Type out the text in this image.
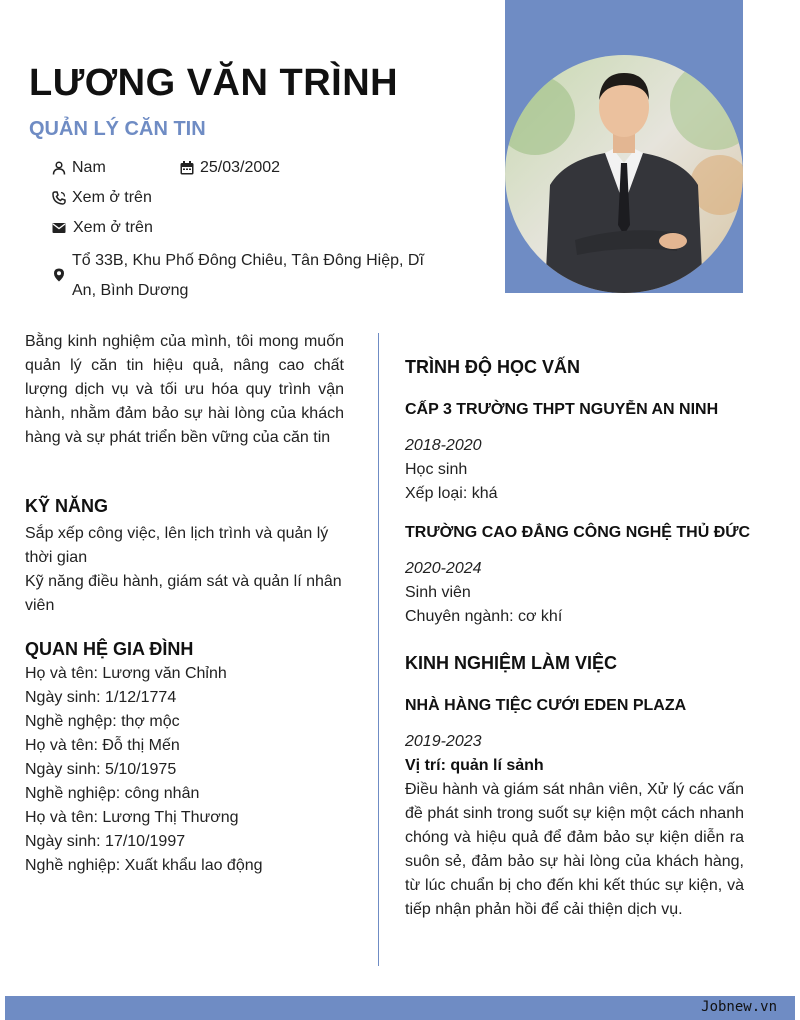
LƯƠNG VĂN TRÌNH
QUẢN LÝ CĂN TIN
Nam	25/03/2002
Xem ở trên
Xem ở trên
Tổ 33B, Khu Phố Đông Chiêu, Tân Đông Hiệp, Dĩ An, Bình Dương

Bằng kinh nghiệm của mình, tôi mong muốn quản lý căn tin hiệu quả, nâng cao chất lượng dịch vụ và tối ưu hóa quy trình vận hành, nhằm đảm bảo sự hài lòng của khách hàng và sự phát triển bền vững của căn tin

KỸ NĂNG
Sắp xếp công việc, lên lịch trình và quản lý thời gian
Kỹ năng điều hành, giám sát và quản lí nhân viên
QUAN HỆ GIA ĐÌNH
Họ và tên: Lương văn Chỉnh
Ngày sinh: 1/12/1774
Nghề nghệp: thợ mộc
Họ và tên: Đỗ thị Mến
Ngày sinh: 5/10/1975
Nghề nghiệp: công nhân
Họ và tên: Lương Thị Thương
Ngày sinh: 17/10/1997
Nghề nghiệp: Xuất khẩu lao động
TRÌNH ĐỘ HỌC VẤN
CẤP 3 TRƯỜNG THPT NGUYỄN AN NINH
2018-2020
Học sinh
Xếp loại: khá
TRƯỜNG CAO ĐẲNG CÔNG NGHỆ THỦ ĐỨC
2020-2024
Sinh viên
Chuyên ngành: cơ khí
KINH NGHIỆM LÀM VIỆC
NHÀ HÀNG TIỆC CƯỚI EDEN PLAZA
2019-2023
Vị trí: quản lí sảnh
Điều hành và giám sát nhân viên, Xử lý các vấn đề phát sinh trong suốt sự kiện một cách nhanh chóng và hiệu quả để đảm bảo sự kiện diễn ra suôn sẻ, đảm bảo sự hài lòng của khách hàng, từ lúc chuẩn bị cho đến khi kết thúc sự kiện, và tiếp nhận phản hồi để cải thiện dịch vụ.
Jobnew.vn
